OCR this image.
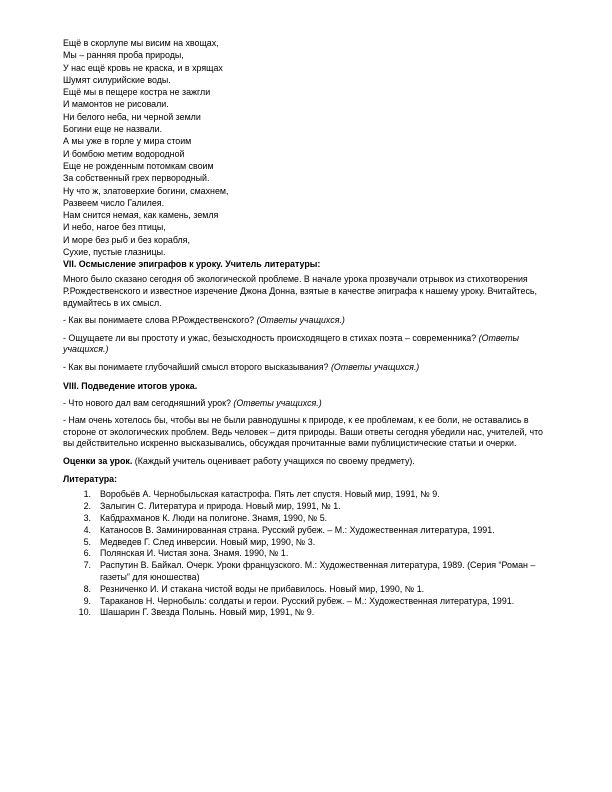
Ещё в скорлупе мы висим на хвощах,
Мы – ранняя проба природы,
У нас ещё кровь не краска, и в хрящах
Шумят силурийские воды.
Ещё мы в пещере костра не зажгли
И мамонтов не рисовали.
Ни белого неба, ни черной земли
Богини еще не назвали.
А мы уже в горле у мира стоим
И бомбою метим водородной
Еще не рожденным потомкам своим
За собственный грех первородный.
Ну что ж, златоверхие богини, смахнем,
Развеем число Галилея.
Нам снится немая, как камень, земля
И небо, нагое без птицы,
И море без рыб и без корабля,
Сухие, пустые глазницы.
VII. Осмысление эпиграфов к уроку. Учитель литературы:

Много было сказано сегодня об экологической проблеме. В начале урока прозвучали отрывок из стихотворения Р.Рождественского и известное изречение Джона Донна, взятые в качестве эпиграфа к нашему уроку. Вчитайтесь, вдумайтесь в их смысл.

- Как вы понимаете слова Р.Рождественского? (Ответы учащихся.)

- Ощущаете ли вы простоту и ужас, безысходность происходящего в стихах поэта – современника? (Ответы учащихся.)

- Как вы понимаете глубочайший смысл второго высказывания? (Ответы учащихся.)

VIII. Подведение итогов урока.

- Что нового дал вам сегодняшний урок? (Ответы учащихся.)

- Нам очень хотелось бы, чтобы вы не были равнодушны к природе, к ее проблемам, к ее боли, не оставались в стороне от экологических проблем. Ведь человек – дитя природы. Ваши ответы сегодня убедили нас, учителей, что вы действительно искренно высказывались, обсуждая прочитанные вами публицистические статьи и очерки.

Оценки за урок. (Каждый учитель оценивает работу учащихся по своему предмету).

Литература:
1.	Воробьёв А. Чернобыльская катастрофа. Пять лет спустя. Новый мир, 1991, № 9.
2.	Залыгин С. Литература и природа. Новый мир, 1991, № 1.
3.	Кабдрахманов К. Люди на полигоне. Знамя, 1990, № 5.
4.	Катаносов В. Заминированная страна. Русский рубеж. – М.: Художественная литература, 1991.
5.	Медведев Г. След инверсии. Новый мир, 1990, № 3.
6.	Полянская И. Чистая зона. Знамя. 1990, № 1.
7.	Распутин В. Байкал. Очерк. Уроки французского. М.: Художественная литература, 1989. (Серия “Роман – газеты” для юношества)
8.	Резниченко И. И стакана чистой воды не прибавилось. Новый мир, 1990, № 1.
9.	Тараканов Н. Чернобыль: солдаты и герои. Русский рубеж. – М.: Художественная литература, 1991.
10.	Шашарин Г. Звезда Полынь. Новый мир, 1991, № 9.
